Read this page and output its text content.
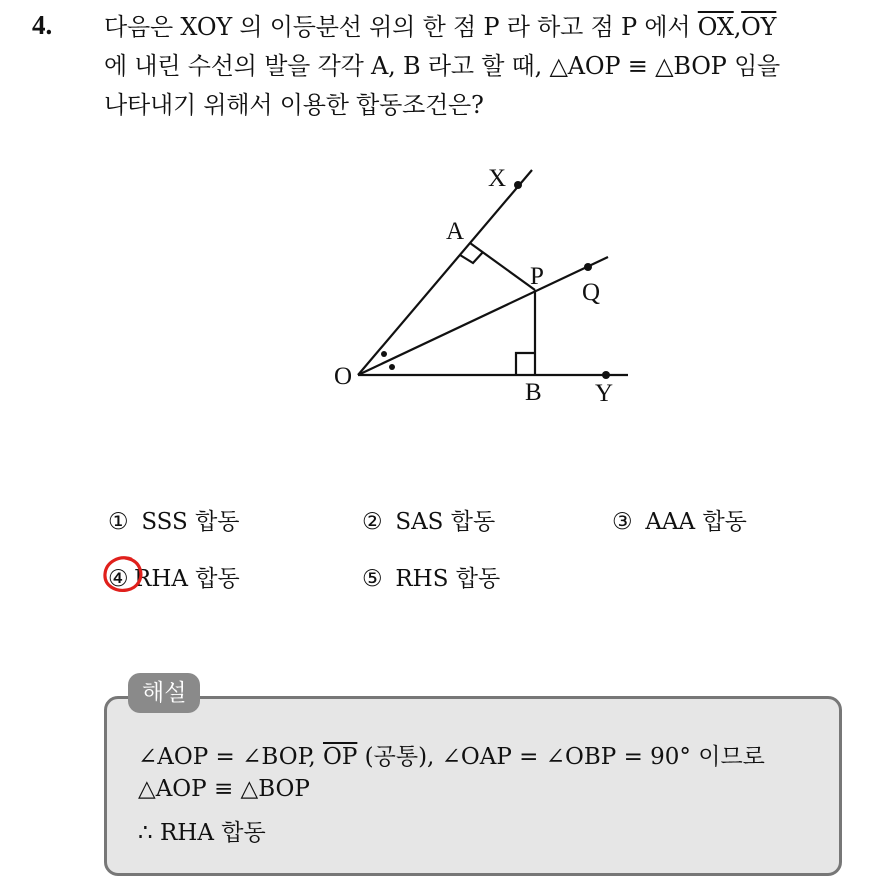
4. 다음은 XOY 의 이등분선 위의 한 점 P 라 하고 점 P 에서 $\overline{OX},\overline{OY}$
에 내린 수선의 발을 각각 A, B 라고 할 때, △AOP ≡ △BOP 임을
나타내기 위해서 이용한 합동조건은?
X
A
P
Q
O
B Y
① SSS 합동	② SAS 합동	③ AAA 합동
④ RHA 합동	⑤ RHS 합동
해설
∠AOP = ∠BOP, $\overline{OP}$ (공통), ∠OAP = ∠OBP = 90° 이므로
△AOP ≡ △BOP
∴ RHA 합동
